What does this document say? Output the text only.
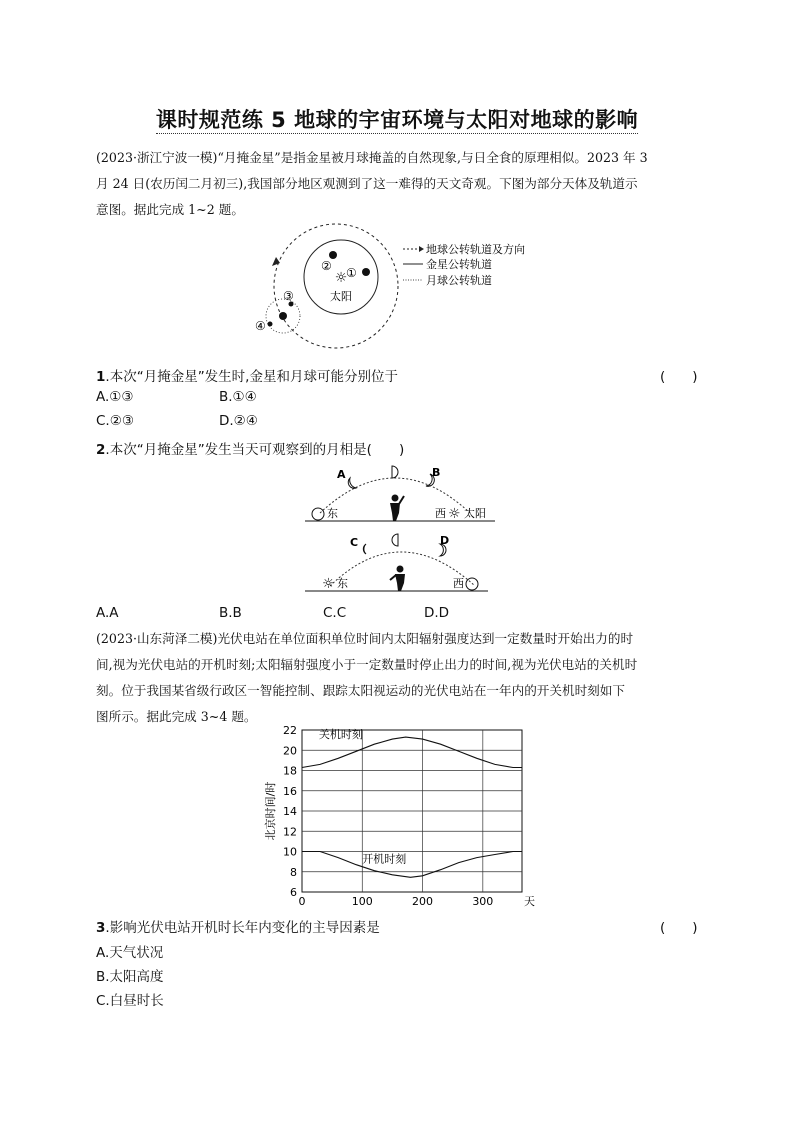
课时规范练 5 地球的宇宙环境与太阳对地球的影响
(2023·浙江宁波一模)“月掩金星”是指金星被月球掩盖的自然现象,与日全食的原理相似。2023 年 3
月 24 日(农历闰二月初三),我国部分地区观测到了这一难得的天文奇观。下图为部分天体及轨道示
意图。据此完成 1~2 题。
☼
太阳
② ①
③
④
地球公转轨道及方向
金星公转轨道
月球公转轨道
1.本次“月掩金星”发生时,金星和月球可能分别位于	(　　)
A.①③	B.①④
C.②③	D.②④
2.本次“月掩金星”发生当天可观察到的月相是(　　)
东	西 ☼ 太阳
A	B
☼ 东	西
C	D
A.A	B.B	C.C	D.D
(2023·山东菏泽二模)光伏电站在单位面积单位时间内太阳辐射强度达到一定数量时开始出力的时
间,视为光伏电站的开机时刻;太阳辐射强度小于一定数量时停止出力的时间,视为光伏电站的关机时
刻。位于我国某省级行政区一智能控制、跟踪太阳视运动的光伏电站在一年内的开关机时刻如下
图所示。据此完成 3~4 题。
6
8
10
12
14
16
18
20
22
0	100	200	300
北京时间/时
天
关机时刻
开机时刻
3.影响光伏电站开机时长年内变化的主导因素是	(　　)
A.天气状况
B.太阳高度
C.白昼时长
